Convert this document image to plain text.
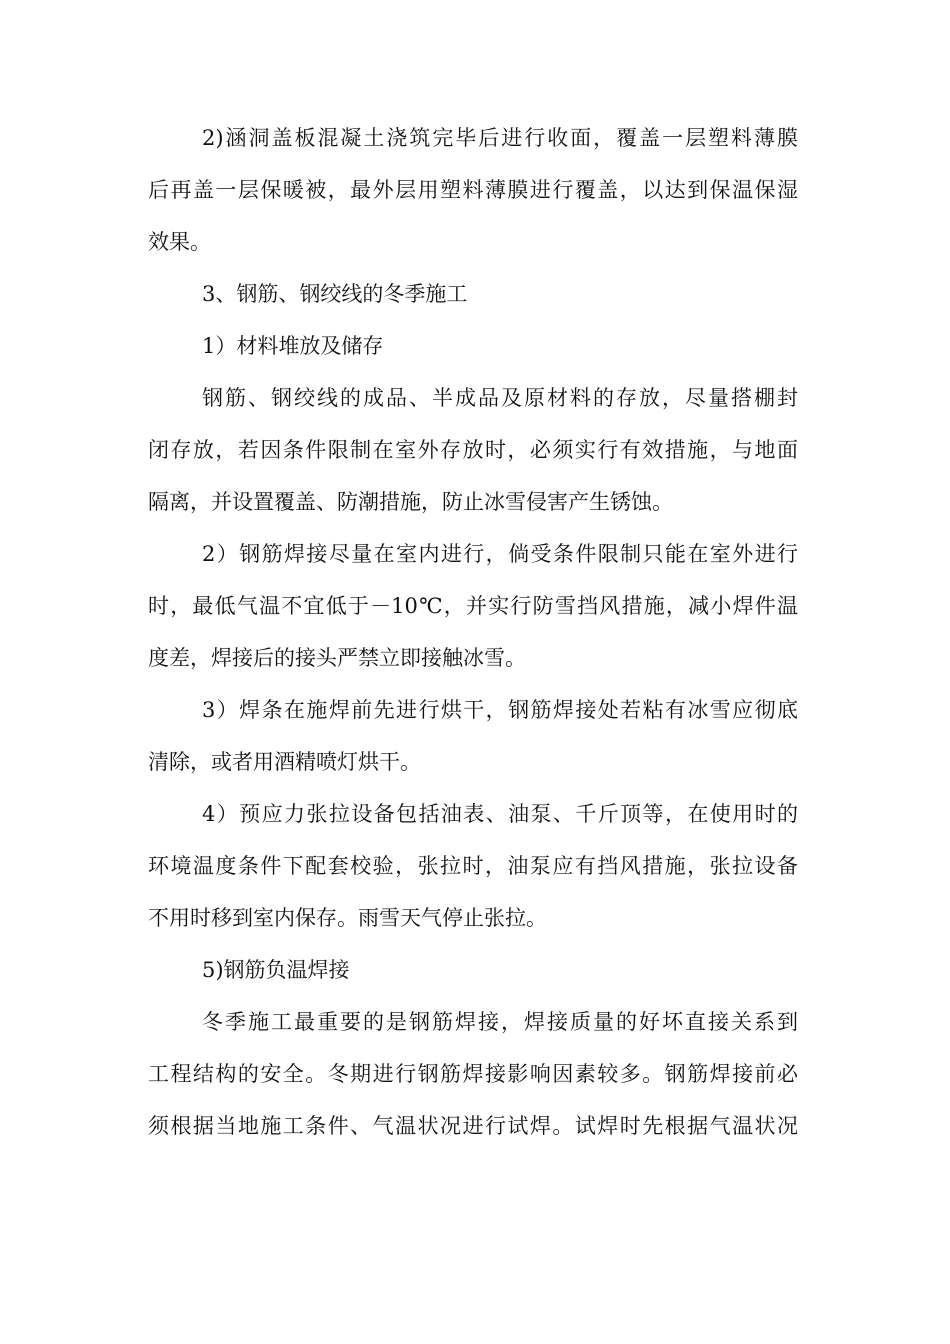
2)涵洞盖板混凝土浇筑完毕后进行收面，覆盖一层塑料薄膜
后再盖一层保暖被，最外层用塑料薄膜进行覆盖，以达到保温保湿
效果。
3、钢筋、钢绞线的冬季施工
1）材料堆放及储存
钢筋、钢绞线的成品、半成品及原材料的存放，尽量搭棚封
闭存放，若因条件限制在室外存放时，必须实行有效措施，与地面
隔离，并设置覆盖、防潮措施，防止冰雪侵害产生锈蚀。
2）钢筋焊接尽量在室内进行，倘受条件限制只能在室外进行
时，最低气温不宜低于－10℃，并实行防雪挡风措施，减小焊件温
度差，焊接后的接头严禁立即接触冰雪。
3）焊条在施焊前先进行烘干，钢筋焊接处若粘有冰雪应彻底
清除，或者用酒精喷灯烘干。
4）预应力张拉设备包括油表、油泵、千斤顶等，在使用时的
环境温度条件下配套校验，张拉时，油泵应有挡风措施，张拉设备
不用时移到室内保存。雨雪天气停止张拉。
5)钢筋负温焊接
冬季施工最重要的是钢筋焊接，焊接质量的好坏直接关系到
工程结构的安全。冬期进行钢筋焊接影响因素较多。钢筋焊接前必
须根据当地施工条件、气温状况进行试焊。试焊时先根据气温状况
